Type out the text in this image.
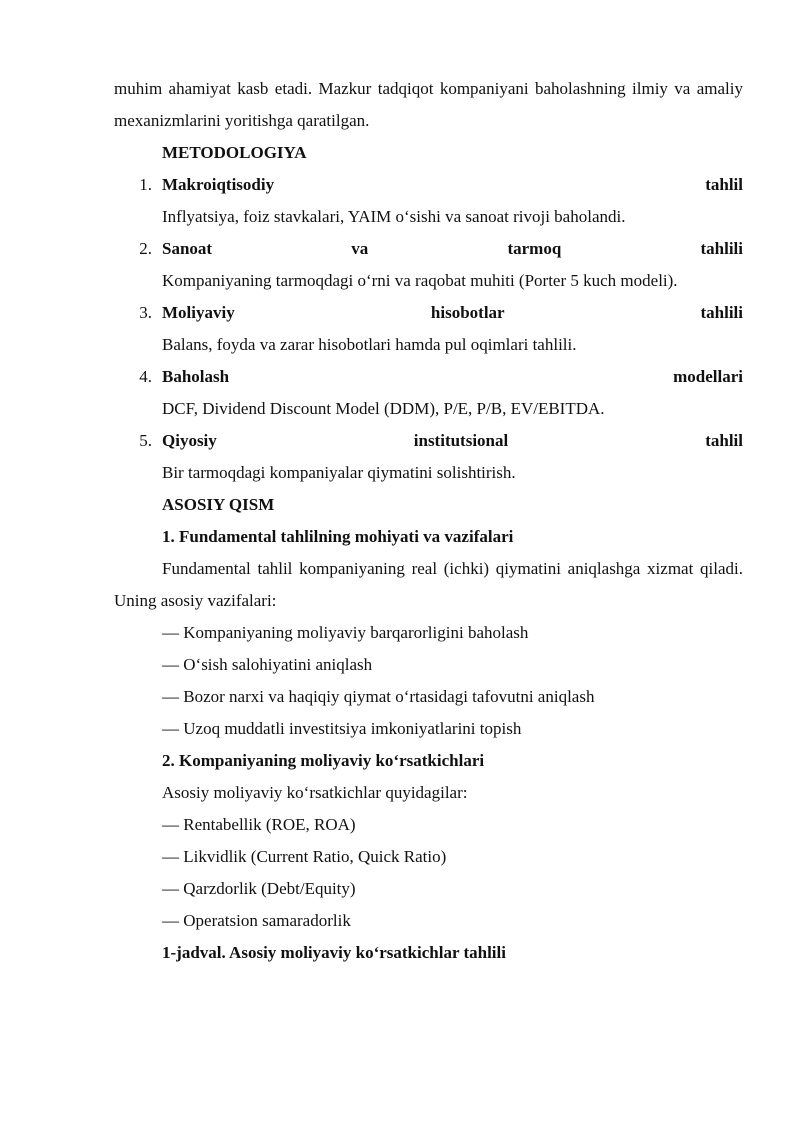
muhim ahamiyat kasb etadi. Mazkur tadqiqot kompaniyani baholashning ilmiy va amaliy mexanizmlarini yoritishga qaratilgan.

METODOLOGIYA

1. Makroiqtisodiy tahlil

Inflyatsiya, foiz stavkalari, YAIM o‘sishi va sanoat rivoji baholandi.

2. Sanoat va tarmoq tahlili

Kompaniyaning tarmoqdagi o‘rni va raqobat muhiti (Porter 5 kuch modeli).

3. Moliyaviy hisobotlar tahlili

Balans, foyda va zarar hisobotlari hamda pul oqimlari tahlili.

4. Baholash modellari

DCF, Dividend Discount Model (DDM), P/E, P/B, EV/EBITDA.

5. Qiyosiy institutsional tahlil

Bir tarmoqdagi kompaniyalar qiymatini solishtirish.

ASOSIY QISM

1. Fundamental tahlilning mohiyati va vazifalari

Fundamental tahlil kompaniyaning real (ichki) qiymatini aniqlashga xizmat qiladi. Uning asosiy vazifalari:

— Kompaniyaning moliyaviy barqarorligini baholash

— O‘sish salohiyatini aniqlash

— Bozor narxi va haqiqiy qiymat o‘rtasidagi tafovutni aniqlash

— Uzoq muddatli investitsiya imkoniyatlarini topish

2. Kompaniyaning moliyaviy ko‘rsatkichlari

Asosiy moliyaviy ko‘rsatkichlar quyidagilar:

— Rentabellik (ROE, ROA)

— Likvidlik (Current Ratio, Quick Ratio)

— Qarzdorlik (Debt/Equity)

— Operatsion samaradorlik

1-jadval. Asosiy moliyaviy ko‘rsatkichlar tahlili
